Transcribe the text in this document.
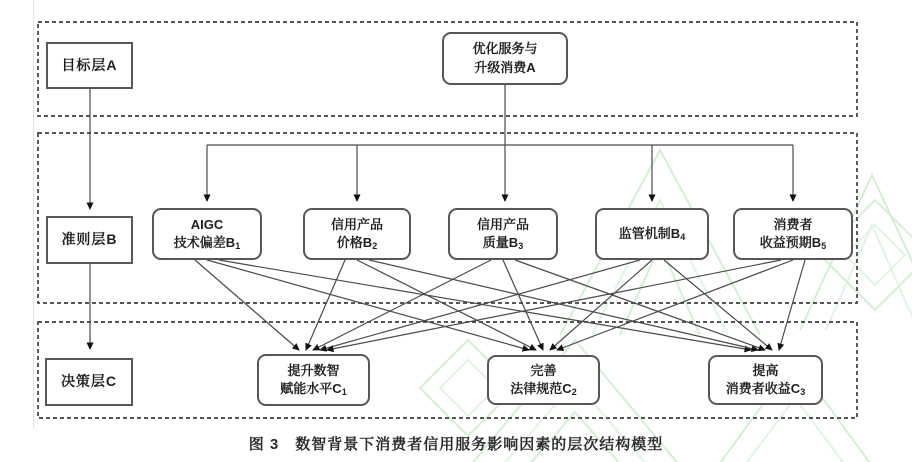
目标层A
准则层B
决策层C
优化服务与
升级消费A
AIGC
技术偏差$B_1$
信用产品
价格$B_2$
信用产品
质量$B_3$
监管机制$B_4$
消费者
收益预期$B_5$
提升数智
赋能水平$C_1$
完善
法律规范$C_2$
提高
消费者收益$C_3$
图 3　数智背景下消费者信用服务影响因素的层次结构模型
